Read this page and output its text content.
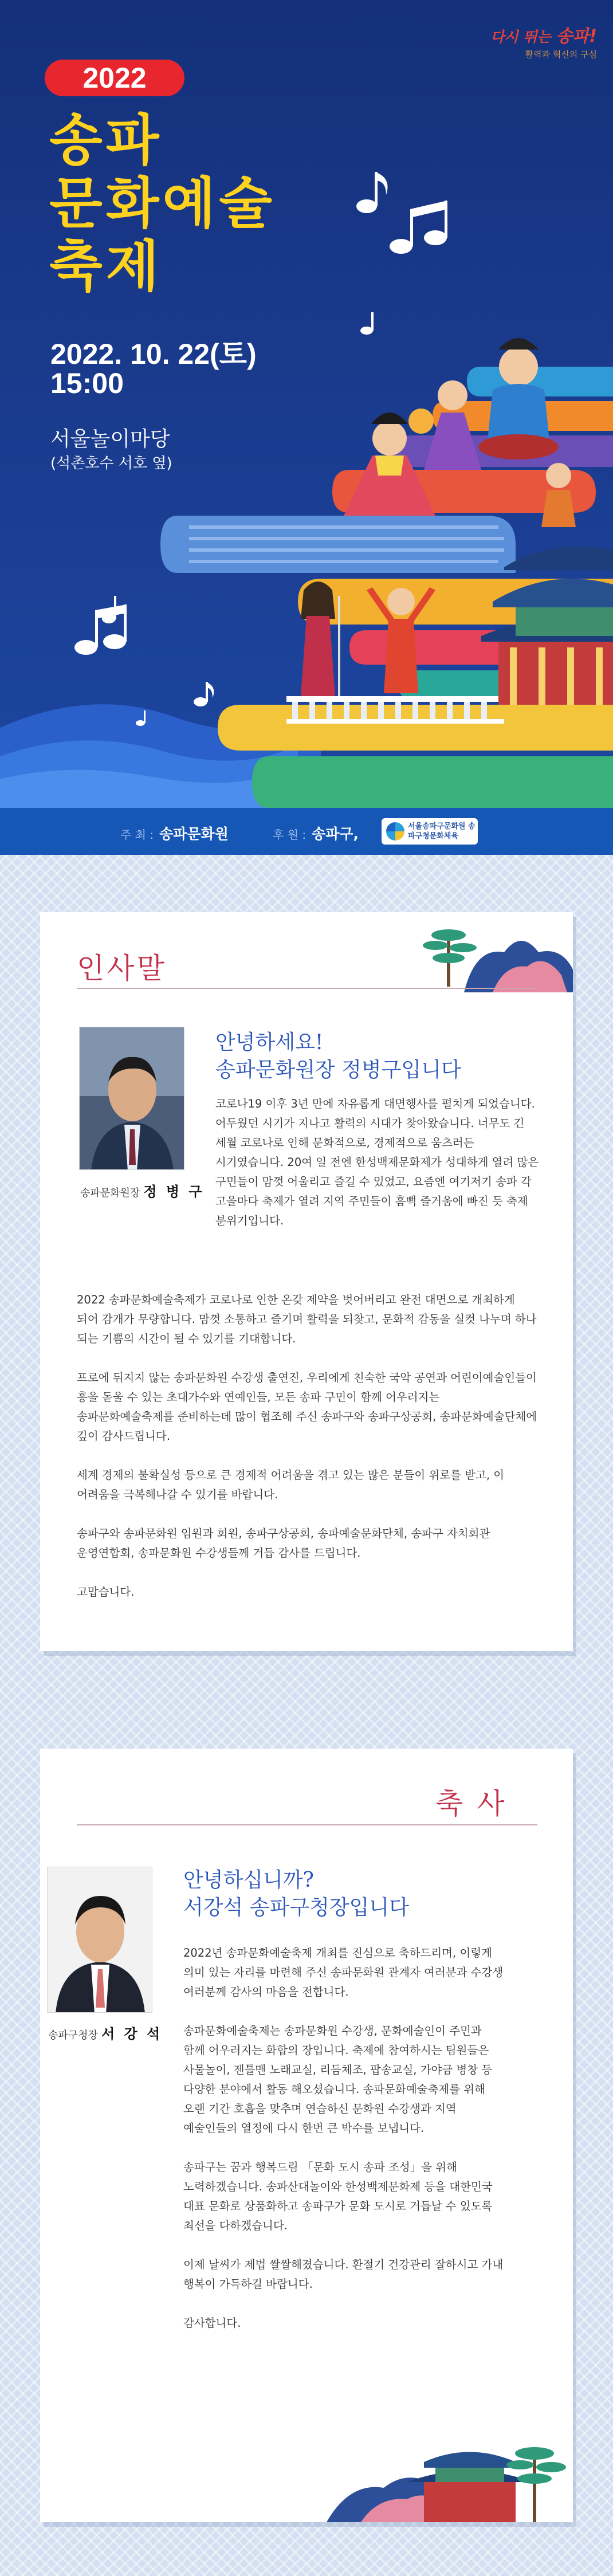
다시 뛰는 송파!
활력과 혁신의 구심
2022
송파
문화예술
축제
2022. 10. 22(토)
15:00
서울놀이마당
(석촌호수 서호 옆)
주 최 : 송파문화원	후 원 : 송파구,	서울송파구문화원 송파구청문화체육
인사말
송파문화원장 정 병 구
안녕하세요!
송파문화원장 정병구입니다
코로나19 이후 3년 만에 자유롭게 대면행사를 펼치게 되었습니다. 어두웠던 시기가 지나고 활력의 시대가 찾아왔습니다. 너무도 긴 세월 코로나로 인해 문화적으로, 경제적으로 움츠러든 시기였습니다. 20여 일 전엔 한성백제문화제가 성대하게 열려 많은 구민들이 맘껏 어울리고 즐길 수 있었고, 요즘엔 여기저기 송파 각 고을마다 축제가 열려 지역 주민들이 흠뻑 즐거움에 빠진 듯 축제 분위기입니다.

2022 송파문화예술축제가 코로나로 인한 온갖 제약을 벗어버리고 완전 대면으로 개최하게 되어 감개가 무량합니다. 맘껏 소통하고 즐기며 활력을 되찾고, 문화적 감동을 실컷 나누며 하나 되는 기쁨의 시간이 될 수 있기를 기대합니다.

프로에 뒤지지 않는 송파문화원 수강생 출연진, 우리에게 친숙한 국악 공연과 어린이예술인들이 흥을 돋울 수 있는 초대가수와 연예인들, 모든 송파 구민이 함께 어우러지는 송파문화예술축제를 준비하는데 많이 협조해 주신 송파구와 송파구상공회, 송파문화예술단체에 깊이 감사드립니다.

세계 경제의 불확실성 등으로 큰 경제적 어려움을 겪고 있는 많은 분들이 위로를 받고, 이 어려움을 극복해나갈 수 있기를 바랍니다.

송파구와 송파문화원 임원과 회원, 송파구상공회, 송파예술문화단체, 송파구 자치회관 운영연합회, 송파문화원 수강생들께 거듭 감사를 드립니다.

고맙습니다.

축 사
송파구청장 서 강 석
안녕하십니까?
서강석 송파구청장입니다

2022년 송파문화예술축제 개최를 진심으로 축하드리며, 이렇게 의미 있는 자리를 마련해 주신 송파문화원 관계자 여러분과 수강생 여러분께 감사의 마음을 전합니다.

송파문화예술축제는 송파문화원 수강생, 문화예술인이 주민과 함께 어우러지는 화합의 장입니다. 축제에 참여하시는 팀원들은 사물놀이, 젠틀맨 노래교실, 리듬체조, 팝송교실, 가야금 병창 등 다양한 분야에서 활동 해오셨습니다. 송파문화예술축제를 위해 오랜 기간 호흡을 맞추며 연습하신 문화원 수강생과 지역 예술인들의 열정에 다시 한번 큰 박수를 보냅니다.

송파구는 꿈과 행복드림 「문화 도시 송파 조성」을 위해 노력하겠습니다. 송파산대놀이와 한성백제문화제 등을 대한민국 대표 문화로 상품화하고 송파구가 문화 도시로 거듭날 수 있도록 최선을 다하겠습니다.

이제 날씨가 제법 쌀쌀해졌습니다. 환절기 건강관리 잘하시고 가내 행복이 가득하길 바랍니다.

감사합니다.
